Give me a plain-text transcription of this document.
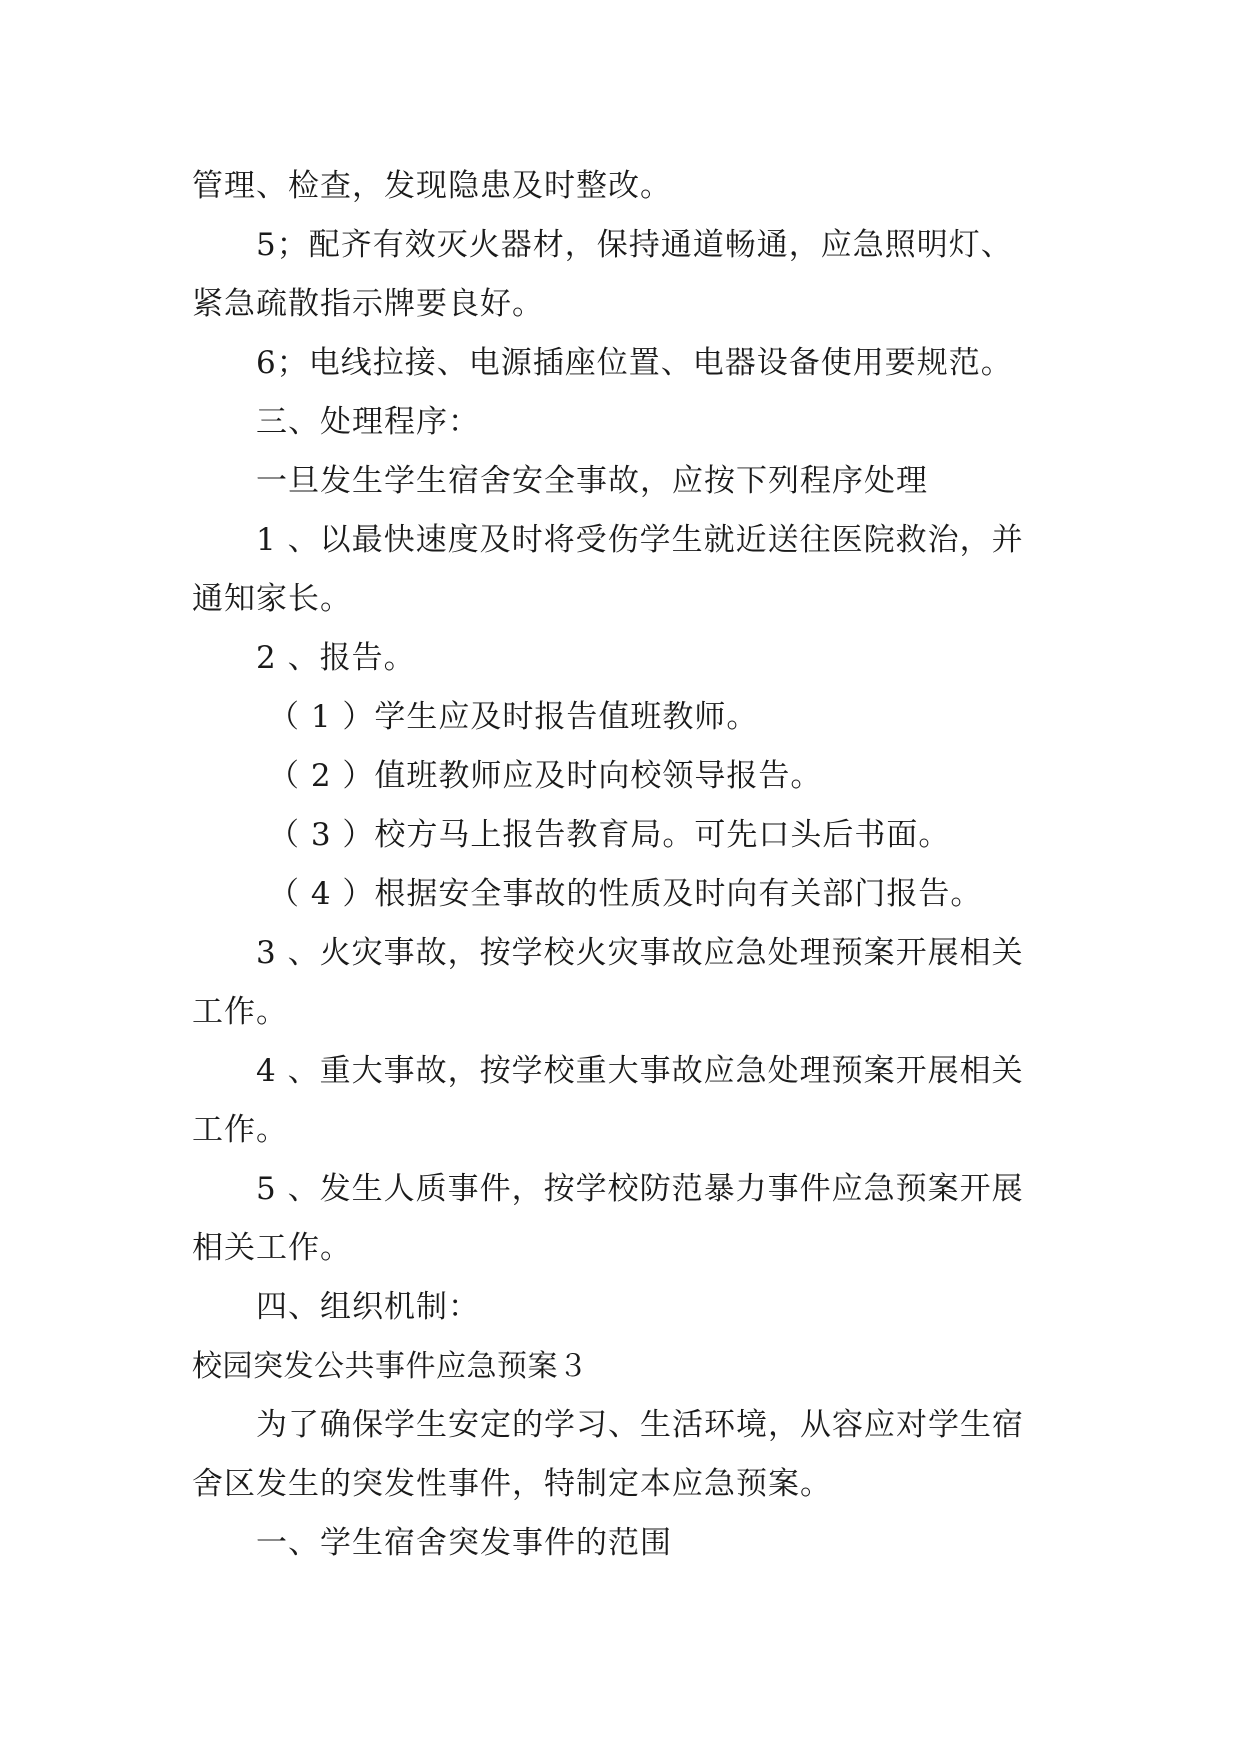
管理、检查，发现隐患及时整改。
5；配齐有效灭火器材，保持通道畅通，应急照明灯、
紧急疏散指示牌要良好。
6；电线拉接、电源插座位置、电器设备使用要规范。
三、处理程序：
一旦发生学生宿舍安全事故，应按下列程序处理
1 、以最快速度及时将受伤学生就近送往医院救治，并
通知家长。
2 、报告。
（ 1 ）学生应及时报告值班教师。
（ 2 ）值班教师应及时向校领导报告。
（ 3 ）校方马上报告教育局。可先口头后书面。
（ 4 ）根据安全事故的性质及时向有关部门报告。
3 、火灾事故，按学校火灾事故应急处理预案开展相关
工作。
4 、重大事故，按学校重大事故应急处理预案开展相关
工作。
5 、发生人质事件，按学校防范暴力事件应急预案开展
相关工作。
四、组织机制：
校园突发公共事件应急预案３
为了确保学生安定的学习、生活环境，从容应对学生宿
舍区发生的突发性事件，特制定本应急预案。
一、学生宿舍突发事件的范围
